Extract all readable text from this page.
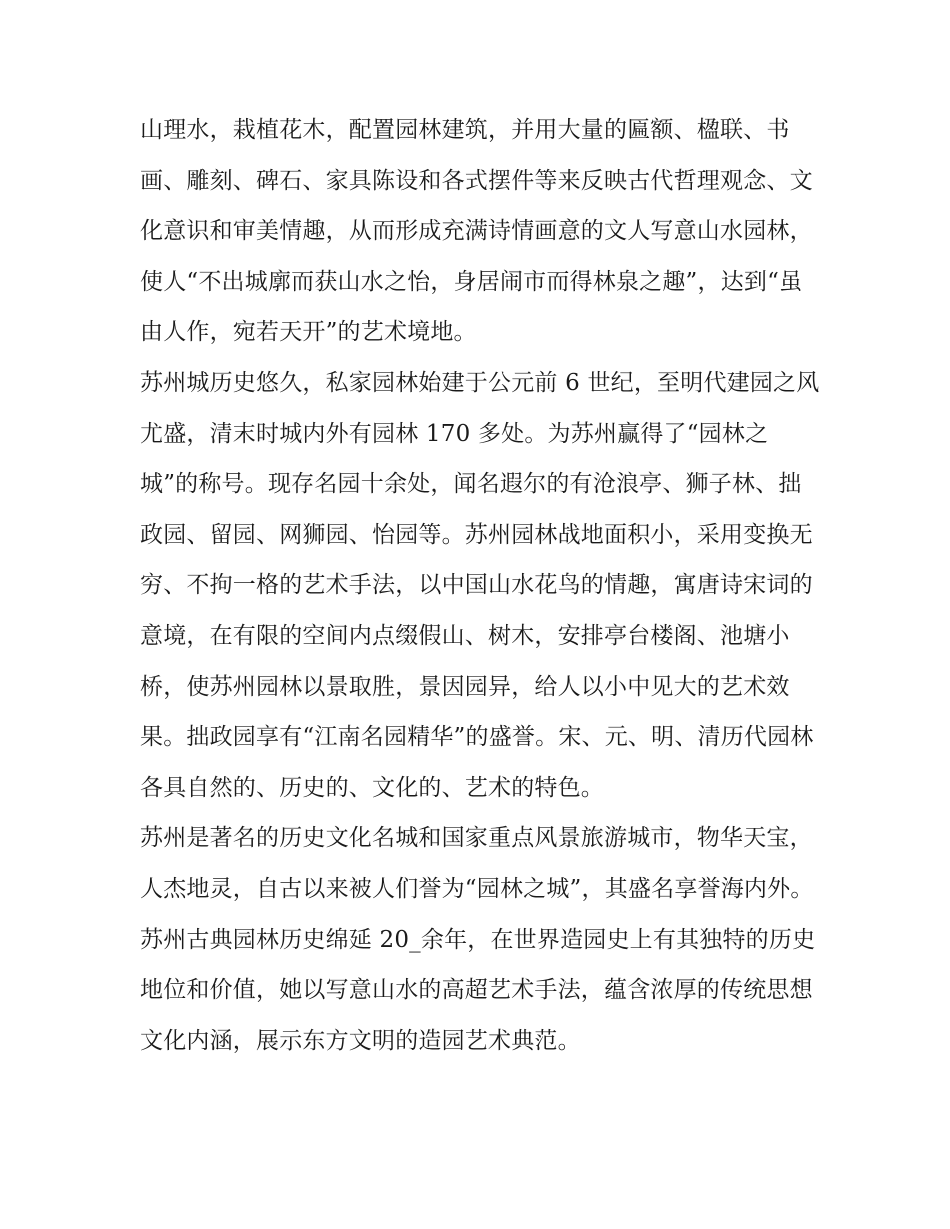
山理水，栽植花木，配置园林建筑，并用大量的匾额、楹联、书画、雕刻、碑石、家具陈设和各式摆件等来反映古代哲理观念、文化意识和审美情趣，从而形成充满诗情画意的文人写意山水园林，使人“不出城廓而获山水之怡，身居闹市而得林泉之趣”，达到“虽由人作，宛若天开”的艺术境地。

苏州城历史悠久，私家园林始建于公元前 6 世纪，至明代建园之风尤盛，清末时城内外有园林 170 多处。为苏州赢得了“园林之城”的称号。现存名园十余处，闻名遐尔的有沧浪亭、狮子林、拙政园、留园、网狮园、怡园等。苏州园林战地面积小，采用变换无穷、不拘一格的艺术手法，以中国山水花鸟的情趣，寓唐诗宋词的意境，在有限的空间内点缀假山、树木，安排亭台楼阁、池塘小桥，使苏州园林以景取胜，景因园异，给人以小中见大的艺术效果。拙政园享有“江南名园精华”的盛誉。宋、元、明、清历代园林各具自然的、历史的、文化的、艺术的特色。

苏州是著名的历史文化名城和国家重点风景旅游城市，物华天宝，人杰地灵，自古以来被人们誉为“园林之城”，其盛名享誉海内外。苏州古典园林历史绵延 20_余年，在世界造园史上有其独特的历史地位和价值，她以写意山水的高超艺术手法，蕴含浓厚的传统思想文化内涵，展示东方文明的造园艺术典范。
